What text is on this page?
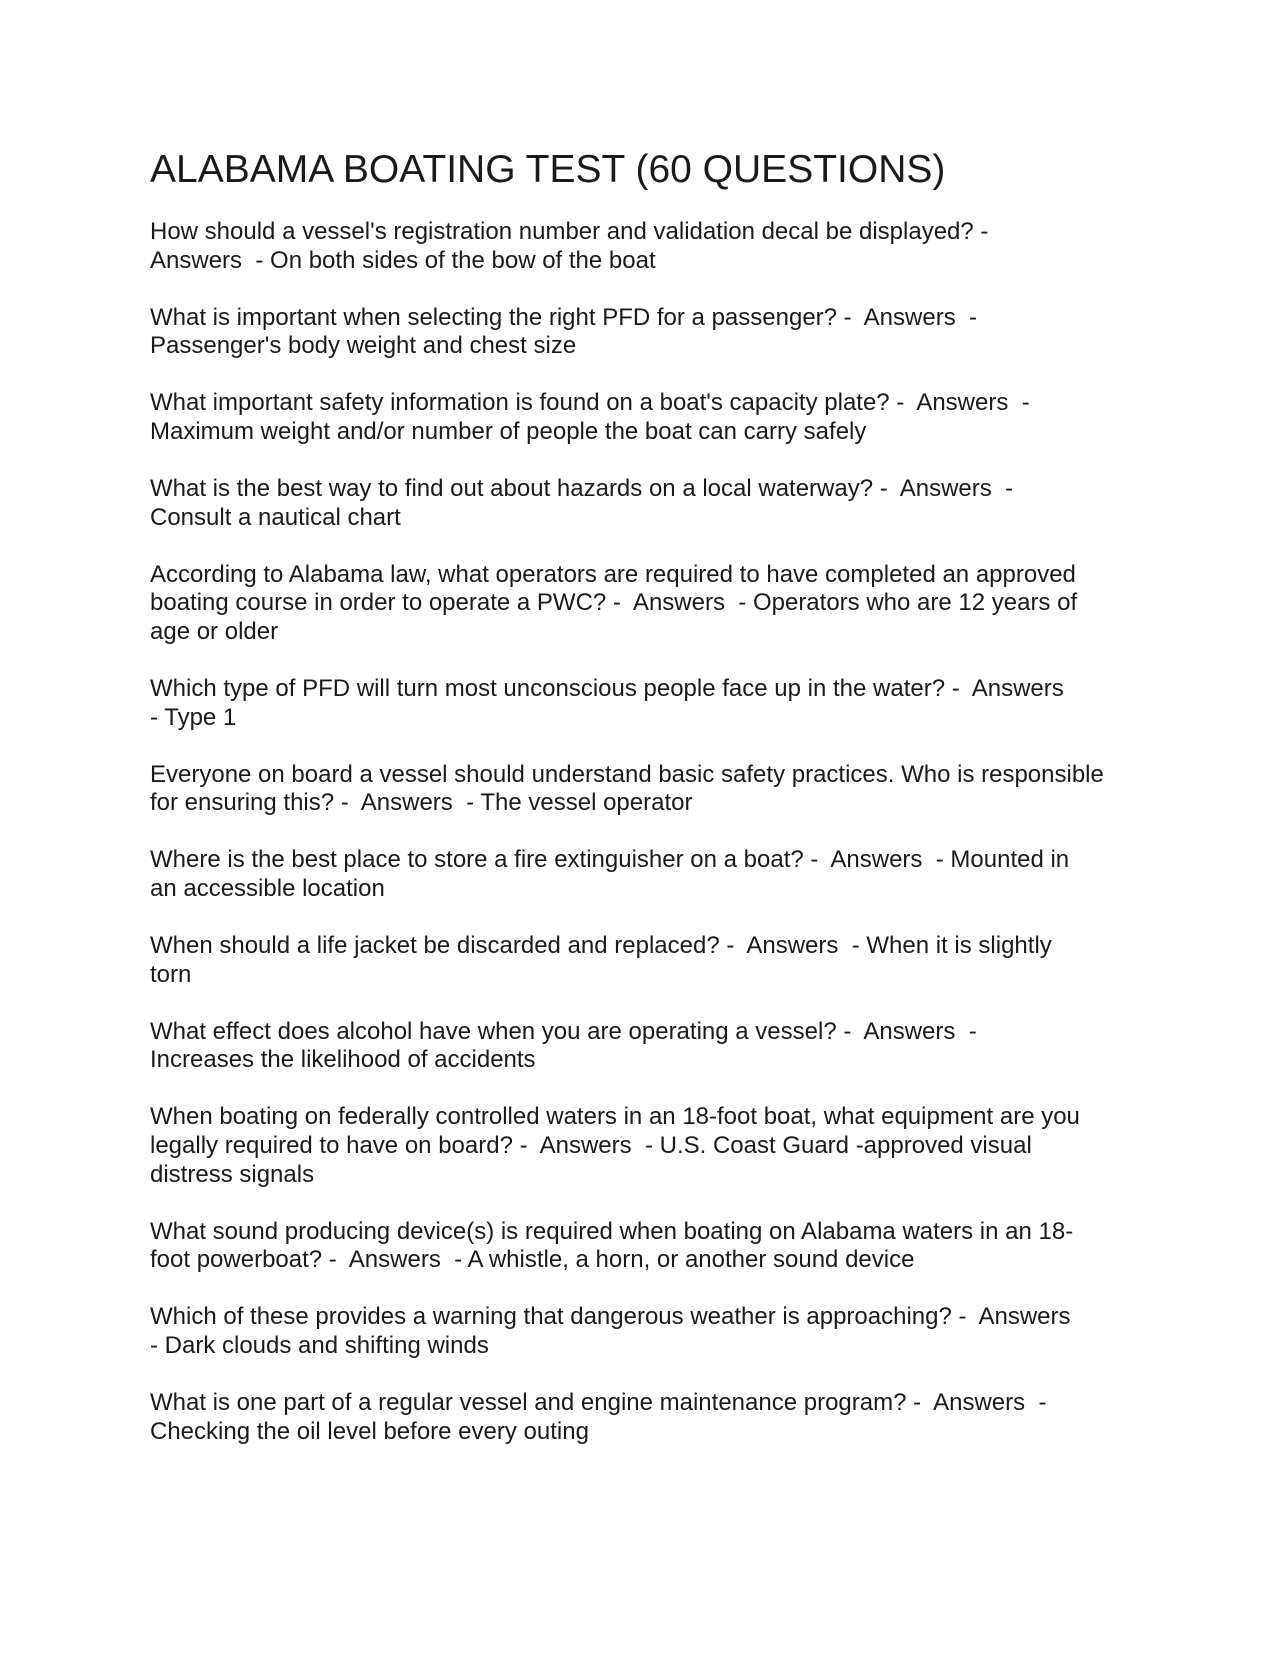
ALABAMA BOATING TEST (60 QUESTIONS)
How should a vessel's registration number and validation decal be displayed? -
Answers  - On both sides of the bow of the boat
What is important when selecting the right PFD for a passenger? -  Answers  -
Passenger's body weight and chest size
What important safety information is found on a boat's capacity plate? -  Answers  -
Maximum weight and/or number of people the boat can carry safely
What is the best way to find out about hazards on a local waterway? -  Answers  -
Consult a nautical chart
According to Alabama law, what operators are required to have completed an approved boating course in order to operate a PWC? -  Answers  - Operators who are 12 years of
age or older
Which type of PFD will turn most unconscious people face up in the water? -  Answers
- Type 1
Everyone on board a vessel should understand basic safety practices. Who is responsible for ensuring this? -  Answers  - The vessel operator
Where is the best place to store a fire extinguisher on a boat? -  Answers  - Mounted in
an accessible location
When should a life jacket be discarded and replaced? -  Answers  - When it is slightly
torn
What effect does alcohol have when you are operating a vessel? -  Answers  -
Increases the likelihood of accidents
When boating on federally controlled waters in an 18-foot boat, what equipment are you legally required to have on board? -  Answers  - U.S. Coast Guard -approved visual
distress signals
What sound producing device(s) is required when boating on Alabama waters in an 18-
foot powerboat? -  Answers  - A whistle, a horn, or another sound device
Which of these provides a warning that dangerous weather is approaching? -  Answers
- Dark clouds and shifting winds
What is one part of a regular vessel and engine maintenance program? -  Answers  -
Checking the oil level before every outing
